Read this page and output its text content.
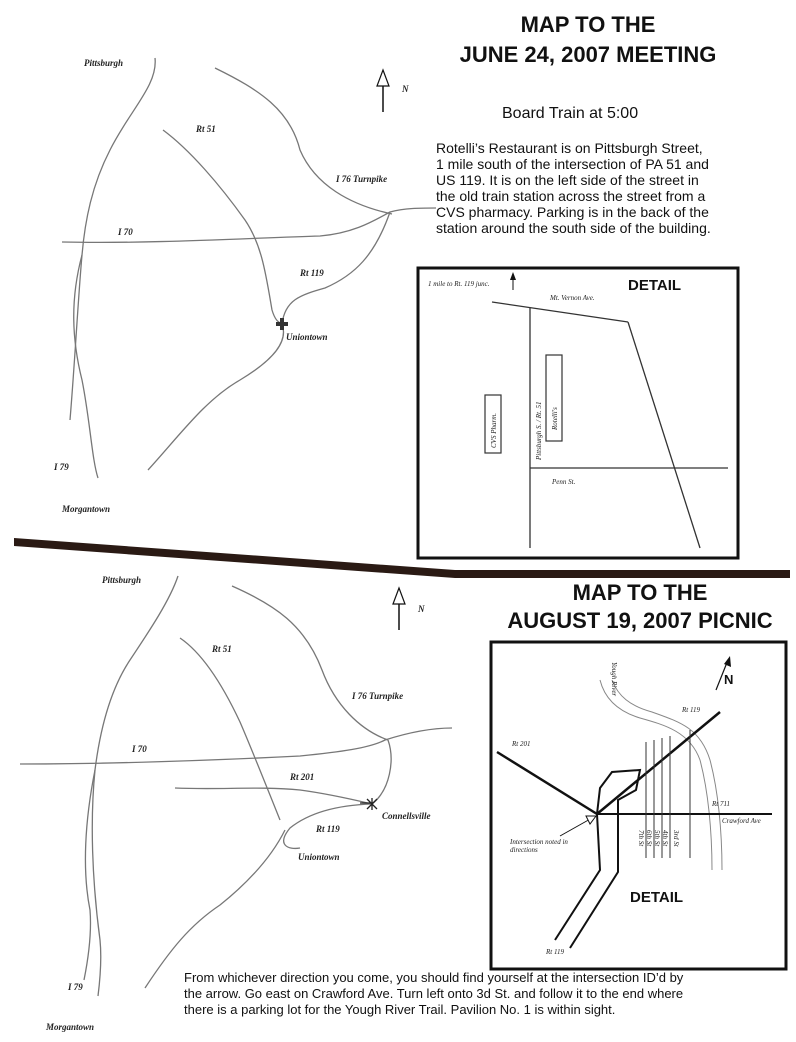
MAP TO THE
JUNE 24, 2007 MEETING
Board Train at 5:00
Rotelli’s Restaurant is on Pittsburgh Street,
1 mile south of the intersection of PA 51 and
US 119. It is on the left side of the street in
the old train station across the street from a
CVS pharmacy. Parking is in the back of the
station around the south side of the building.
N
Pittsburgh
Rt 51
I 76 Turnpike
I 70
Rt 119
Uniontown
I 79
Morgantown
DETAIL
1 mile to Rt. 119 junc.
Mt. Vernon Ave.
Pittsburgh S. / Rt. 51
Penn St.
Rotelli's
CVS Pharm.
N
Pittsburgh
Rt 51
I 76 Turnpike
I 70
Rt 201
Connellsville
Rt 119
Uniontown
I 79
Morgantown
N
Yough River
Rt 201
Rt 119
Rt 711
Crawford Ave
Rt 119
7th St 6th St 5th St 4th St 3rd St
Intersection noted in
directions
DETAIL
MAP TO THE
AUGUST 19, 2007 PICNIC
From whichever direction you come, you should find yourself at the intersection ID’d by
the arrow. Go east on Crawford Ave. Turn left onto 3d St. and follow it to the end where
there is a parking lot for the Yough River Trail. Pavilion No. 1 is within sight.
